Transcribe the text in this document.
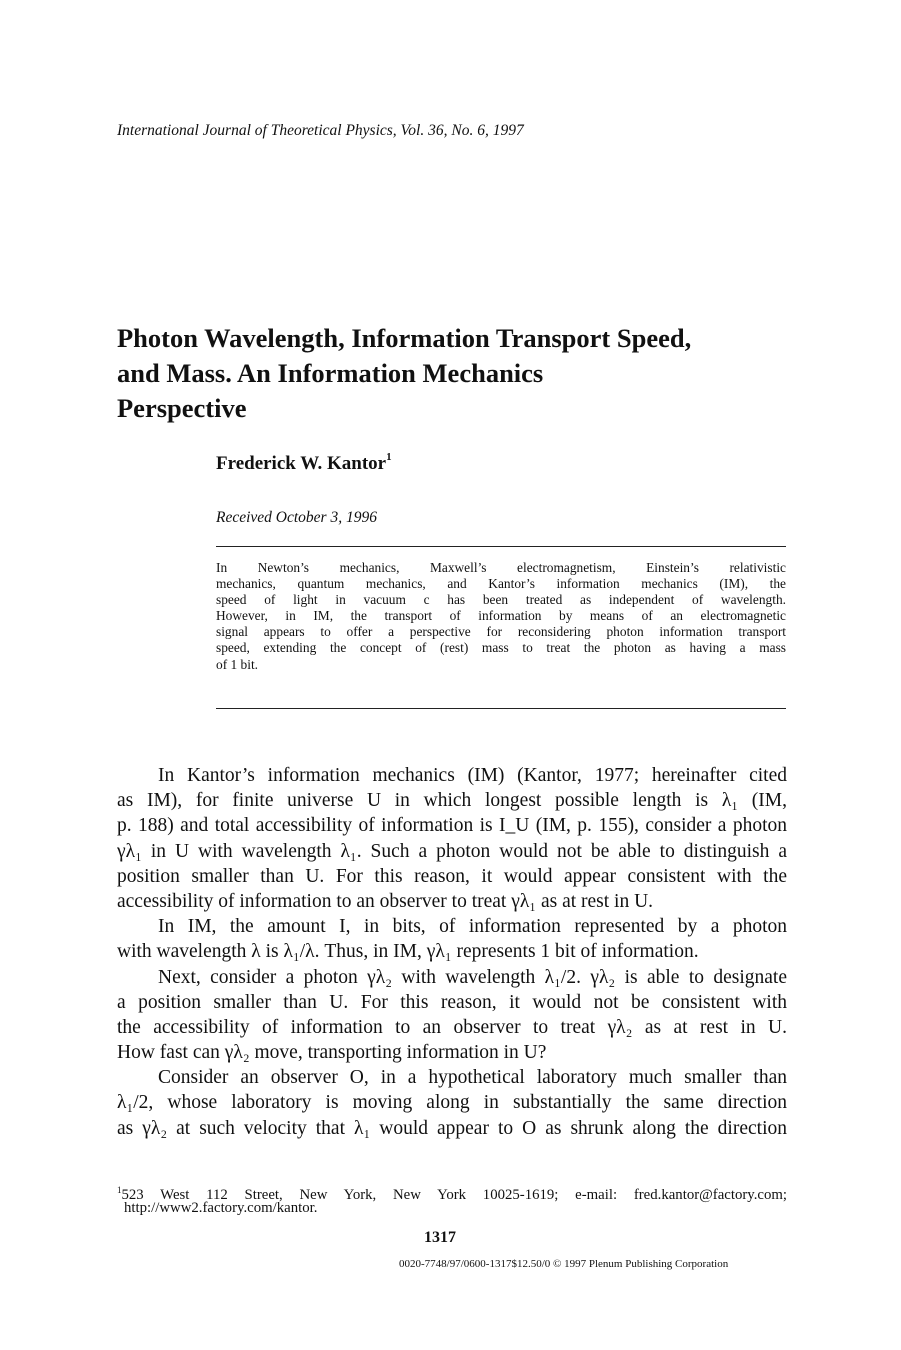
International Journal of Theoretical Physics, Vol. 36, No. 6, 1997
Photon Wavelength, Information Transport Speed,
and Mass. An Information Mechanics
Perspective
Frederick W. Kantor$^1$
Received October 3, 1996
In Newton’s mechanics, Maxwell’s electromagnetism, Einstein’s relativistic
mechanics, quantum mechanics, and Kantor’s information mechanics (IM), the
speed of light in vacuum c has been treated as independent of wavelength.
However, in IM, the transport of information by means of an electromagnetic
signal appears to offer a perspective for reconsidering photon information transport
speed, extending the concept of (rest) mass to treat the photon as having a mass
of 1 bit.
In Kantor’s information mechanics (IM) (Kantor, 1977; hereinafter cited
as IM), for finite universe U in which longest possible length is λ₁ (IM,
p. 188) and total accessibility of information is I_U (IM, p. 155), consider a photon
γλ₁ in U with wavelength λ₁. Such a photon would not be able to distinguish a
position smaller than U. For this reason, it would appear consistent with the
accessibility of information to an observer to treat γλ₁ as at rest in U.
In IM, the amount I, in bits, of information represented by a photon
with wavelength λ is λ₁/λ. Thus, in IM, γλ₁ represents 1 bit of information.
Next, consider a photon γλ₂ with wavelength λ₁/2. γλ₂ is able to designate
a position smaller than U. For this reason, it would not be consistent with
the accessibility of information to an observer to treat γλ₂ as at rest in U.
How fast can γλ₂ move, transporting information in U?
Consider an observer O, in a hypothetical laboratory much smaller than
λ₁/2, whose laboratory is moving along in substantially the same direction
as γλ₂ at such velocity that λ₁ would appear to O as shrunk along the direction
$^1$523 West 112 Street, New York, New York 10025-1619; e-mail: fred.kantor@factory.com;
http://www2.factory.com/kantor.
1317
0020-7748/97/0600-1317$12.50/0 © 1997 Plenum Publishing Corporation
